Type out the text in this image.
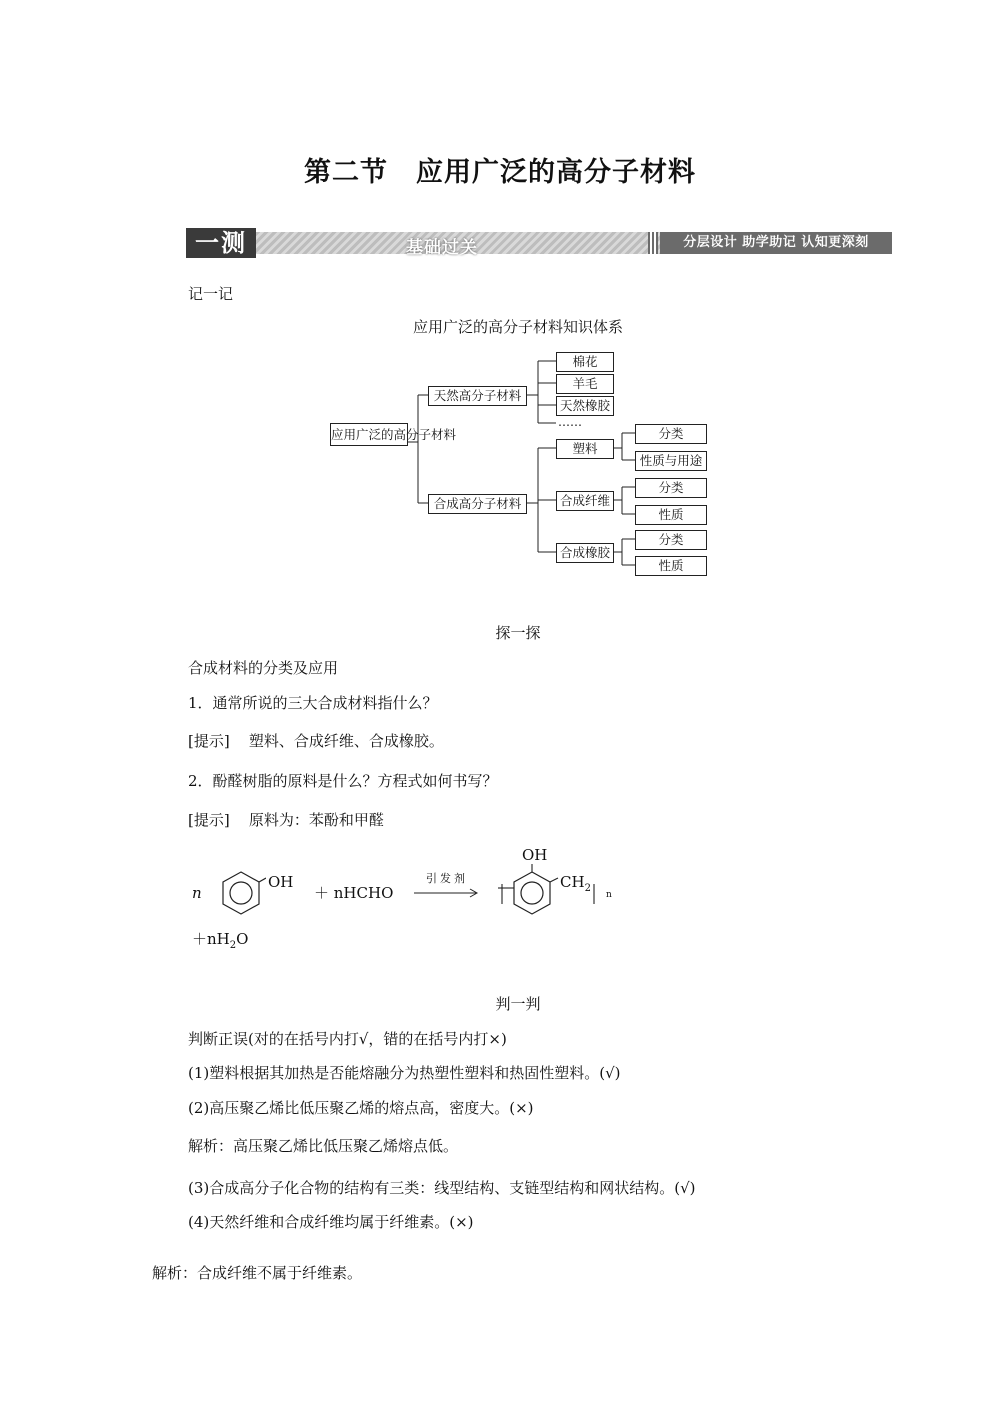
第二节　应用广泛的高分子材料
一测	基础过关	分层设计 助学助记 认知更深刻
记一记
应用广泛的高分子材料知识体系
应用广泛的高分子材料
天然高分子材料
棉花
羊毛
天然橡胶
……
合成高分子材料
塑料
分类
性质与用途
合成纤维
分类
性质
合成橡胶
分类
性质
探一探
合成材料的分类及应用
1．通常所说的三大合成材料指什么？
[提示] 塑料、合成纤维、合成橡胶。
2．酚醛树脂的原料是什么？方程式如何书写？
[提示] 原料为：苯酚和甲醛
n
OH
＋ nHCHO
引发剂
OH
$CH_2$
n
$+nH_2O$
判一判
判断正误(对的在括号内打√，错的在括号内打×)
(1)塑料根据其加热是否能熔融分为热塑性塑料和热固性塑料。(√)
(2)高压聚乙烯比低压聚乙烯的熔点高，密度大。(×)
解析：高压聚乙烯比低压聚乙烯熔点低。
(3)合成高分子化合物的结构有三类：线型结构、支链型结构和网状结构。(√)
(4)天然纤维和合成纤维均属于纤维素。(×)
解析：合成纤维不属于纤维素。
